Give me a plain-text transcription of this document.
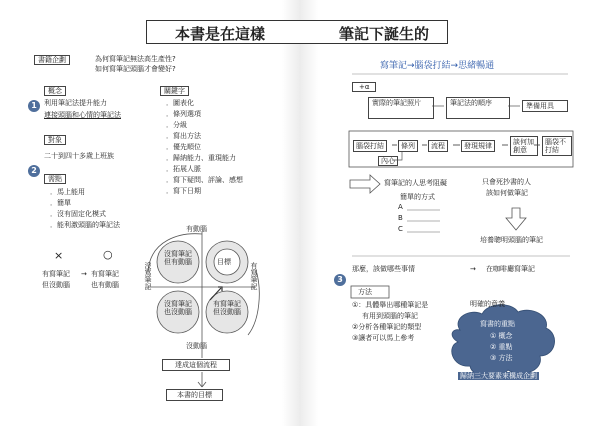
本書是在這樣	筆記下誕生的
書籍企劃	為何寫筆記無法高生產性?
如何寫筆記頭腦才會變好?
概念
1	利用筆記法提升能力
連接頭腦和心情的筆記法
對象
二十到四十多歲上班族
2
需點
．馬上能用
．簡單
．沒有固定化模式
．能利激頭腦的筆記法
關鍵字
．圖表化
．條列選項
．分級
．寫出方法
．優先順位
．歸納能力、重現能力
．拓展人脈
．寫下疑問、評論、感想
．寫下日期
×	○
有寫筆記
但沒動腦
→ 有寫筆記
也有動腦
有動腦
沒動腦
沒寫筆記	有寫筆記
沒寫筆記但有動腦	目標
沒寫筆記也沒動腦
有寫筆記但沒動腦
達成這個流程
本書的目標
寫筆記→腦袋打結→思緒暢通
+α
實際的筆記照片	筆記法的順序	準備用具
腦袋打結	條列	流程	發現規律	談何加創意
腦袋不打結
內心
寫筆記的人思考阻礙
簡單的方式
A
B
C
只會死抄書的人
該如何做筆記
培養聰明頭腦的筆記
那麼，該做哪些事情	→ 在咖啡廳寫筆記
3
方法
①：具體舉出哪種筆記是
有用到頭腦的筆記
②分析各種筆記的類型
③讓者可以馬上參考
明確的意義
寫書的重點
① 概念
② 重點
③ 方法
歸納三大要素來構成企劃
